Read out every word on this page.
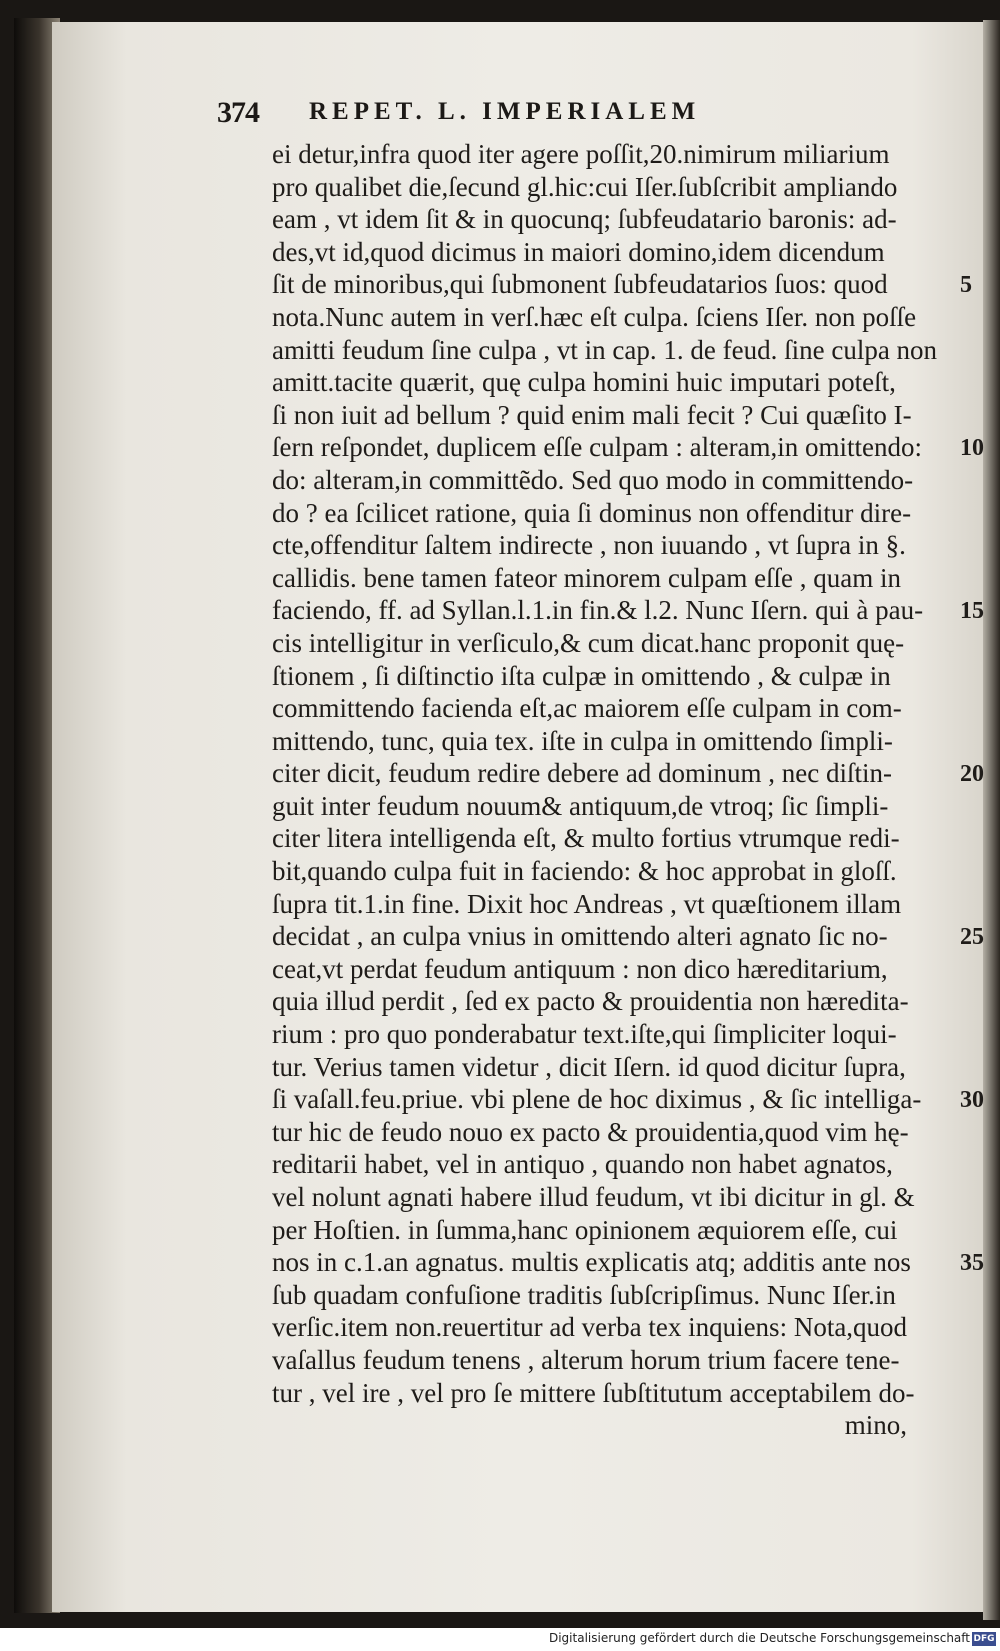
374 REPET. L. IMPERIALEM
ei detur,infra quod iter agere poſſit,20.nimirum miliarium
pro qualibet die,ſecund gl.hic:cui Iſer.ſubſcribit ampliando
eam , vt idem ſit & in quocunq; ſubfeudatario baronis: ad-
des,vt id,quod dicimus in maiori domino,idem dicendum
ſit de minoribus,qui ſubmonent ſubfeudatarios ſuos: quod
nota.Nunc autem in verſ.hæc eſt culpa. ſciens Iſer. non poſſe
amitti feudum ſine culpa , vt in cap. 1. de feud. ſine culpa non
amitt.tacite quærit, quę culpa homini huic imputari poteſt,
ſi non iuit ad bellum ? quid enim mali fecit ? Cui quæſito I-
ſern reſpondet, duplicem eſſe culpam : alteram,in omittendo:
do: alteram,in committẽdo. Sed quo modo in committendo-
do ? ea ſcilicet ratione, quia ſi dominus non offenditur dire-
cte,offenditur ſaltem indirecte , non iuuando , vt ſupra in §.
callidis. bene tamen fateor minorem culpam eſſe , quam in
faciendo, ff. ad Syllan.l.1.in fin.& l.2. Nunc Iſern. qui à pau-
cis intelligitur in verſiculo,& cum dicat.hanc proponit quę-
ſtionem , ſi diſtinctio iſta culpæ in omittendo , & culpæ in
committendo facienda eſt,ac maiorem eſſe culpam in com-
mittendo, tunc, quia tex. iſte in culpa in omittendo ſimpli-
citer dicit, feudum redire debere ad dominum , nec diſtin-
guit inter feudum nouum& antiquum,de vtroq; ſic ſimpli-
citer litera intelligenda eſt, & multo fortius vtrumque redi-
bit,quando culpa fuit in faciendo: & hoc approbat in gloſſ.
ſupra tit.1.in fine. Dixit hoc Andreas , vt quæſtionem illam
decidat , an culpa vnius in omittendo alteri agnato ſic no-
ceat,vt perdat feudum antiquum : non dico hæreditarium,
quia illud perdit , ſed ex pacto & prouidentia non hæredita-
rium : pro quo ponderabatur text.iſte,qui ſimpliciter loqui-
tur. Verius tamen videtur , dicit Iſern. id quod dicitur ſupra,
ſi vaſall.feu.priue. vbi plene de hoc diximus , & ſic intelliga-
tur hic de feudo nouo ex pacto & prouidentia,quod vim hę-
reditarii habet, vel in antiquo , quando non habet agnatos,
vel nolunt agnati habere illud feudum, vt ibi dicitur in gl. &
per Hoſtien. in ſumma,hanc opinionem æquiorem eſſe, cui
nos in c.1.an agnatus. multis explicatis atq; additis ante nos
ſub quadam confuſione traditis ſubſcripſimus. Nunc Iſer.in
verſic.item non.reuertitur ad verba tex inquiens: Nota,quod
vaſallus feudum tenens , alterum horum trium facere tene-
tur , vel ire , vel pro ſe mittere ſubſtitutum acceptabilem do-
mino,
5
10
15
20
25
30
35
Digitalisierung gefördert durch die Deutsche Forschungsgemeinschaft DFG
